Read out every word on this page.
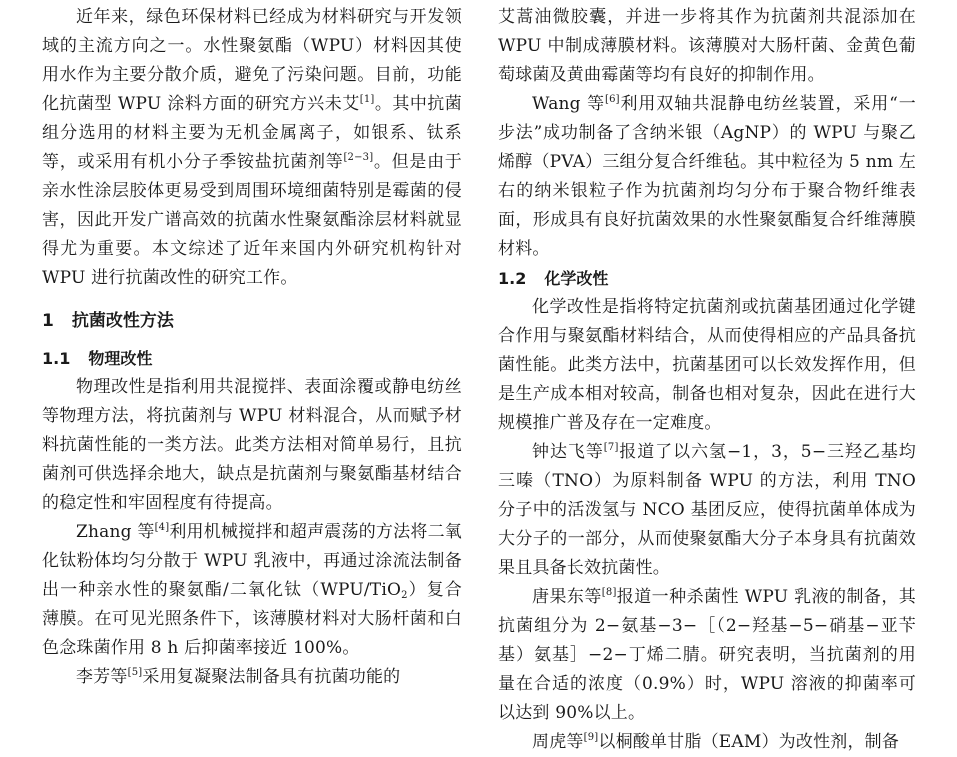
近年来，绿色环保材料已经成为材料研究与开发领域的主流方向之一。水性聚氨酯（WPU）材料因其使用水作为主要分散介质，避免了污染问题。目前，功能化抗菌型 WPU 涂料方面的研究方兴未艾[1]。其中抗菌组分选用的材料主要为无机金属离子，如银系、钛系等，或采用有机小分子季铵盐抗菌剂等[2−3]。但是由于亲水性涂层胶体更易受到周围环境细菌特别是霉菌的侵害，因此开发广谱高效的抗菌水性聚氨酯涂层材料就显得尤为重要。本文综述了近年来国内外研究机构针对 WPU 进行抗菌改性的研究工作。

1 抗菌改性方法
1.1 物理改性

物理改性是指利用共混搅拌、表面涂覆或静电纺丝等物理方法，将抗菌剂与 WPU 材料混合，从而赋予材料抗菌性能的一类方法。此类方法相对简单易行，且抗菌剂可供选择余地大，缺点是抗菌剂与聚氨酯基材结合的稳定性和牢固程度有待提高。

Zhang 等[4]利用机械搅拌和超声震荡的方法将二氧化钛粉体均匀分散于 WPU 乳液中，再通过涂流法制备出一种亲水性的聚氨酯/二氧化钛（WPU/TiO$_2$）复合薄膜。在可见光照条件下，该薄膜材料对大肠杆菌和白色念珠菌作用 8 h 后抑菌率接近 100%。

李芳等[5]采用复凝聚法制备具有抗菌功能的

艾蒿油微胶囊，并进一步将其作为抗菌剂共混添加在 WPU 中制成薄膜材料。该薄膜对大肠杆菌、金黄色葡萄球菌及黄曲霉菌等均有良好的抑制作用。

Wang 等[6]利用双轴共混静电纺丝装置，采用“一步法”成功制备了含纳米银（AgNP）的 WPU 与聚乙烯醇（PVA）三组分复合纤维毡。其中粒径为 5 nm 左右的纳米银粒子作为抗菌剂均匀分布于聚合物纤维表面，形成具有良好抗菌效果的水性聚氨酯复合纤维薄膜材料。

1.2 化学改性

化学改性是指将特定抗菌剂或抗菌基团通过化学键合作用与聚氨酯材料结合，从而使得相应的产品具备抗菌性能。此类方法中，抗菌基团可以长效发挥作用，但是生产成本相对较高，制备也相对复杂，因此在进行大规模推广普及存在一定难度。

钟达飞等[7]报道了以六氢−1，3，5−三羟乙基均三嗪（TNO）为原料制备 WPU 的方法，利用 TNO 分子中的活泼氢与 NCO 基团反应，使得抗菌单体成为大分子的一部分，从而使聚氨酯大分子本身具有抗菌效果且具备长效抗菌性。

唐果东等[8]报道一种杀菌性 WPU 乳液的制备，其抗菌组分为 2−氨基−3−［（2−羟基−5−硝基−亚苄基）氨基］−2−丁烯二腈。研究表明，当抗菌剂的用量在合适的浓度（0.9%）时，WPU 溶液的抑菌率可以达到 90%以上。

周虎等[9]以桐酸单甘脂（EAM）为改性剂，制备
